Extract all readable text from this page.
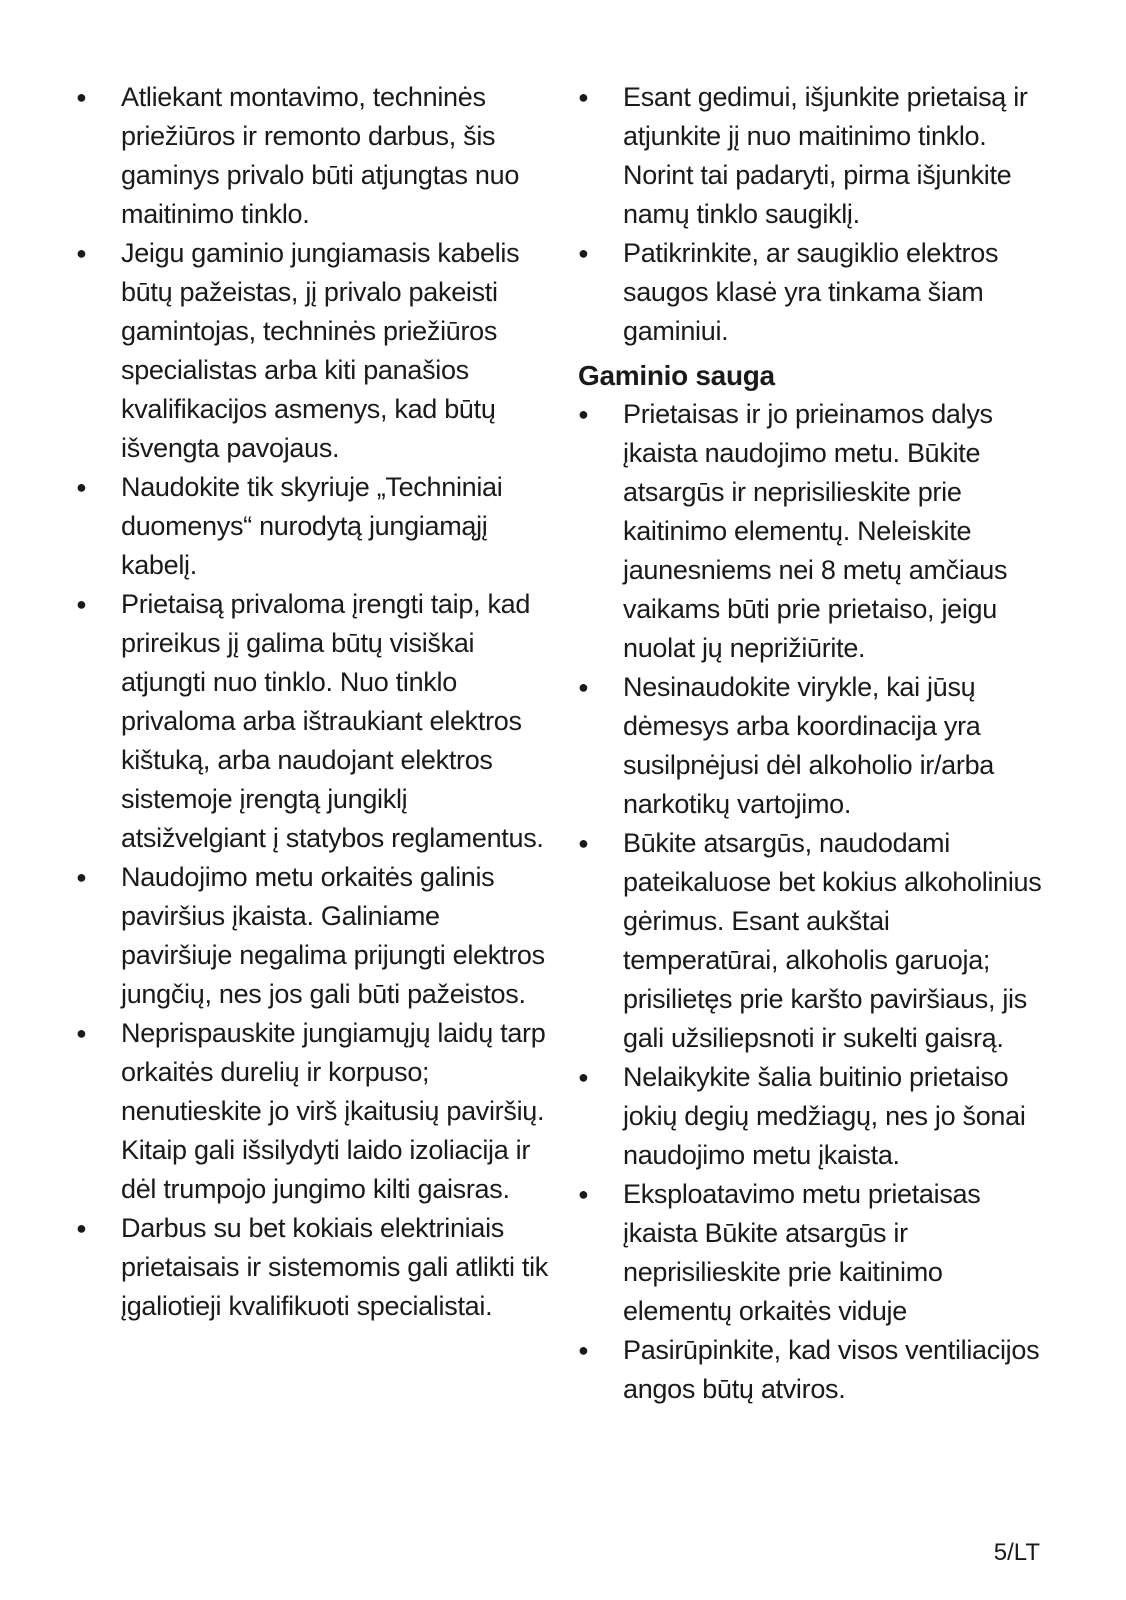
● Atliekant montavimo, techninės priežiūros ir remonto darbus, šis gaminys privalo būti atjungtas nuo maitinimo tinklo.
● Jeigu gaminio jungiamasis kabelis būtų pažeistas, jį privalo pakeisti gamintojas, techninės priežiūros specialistas arba kiti panašios kvalifikacijos asmenys, kad būtų išvengta pavojaus.
● Naudokite tik skyriuje „Techniniai duomenys“ nurodytą jungiamąjį kabelį.
● Prietaisą privaloma įrengti taip, kad prireikus jį galima būtų visiškai atjungti nuo tinklo. Nuo tinklo privaloma arba ištraukiant elektros kištuką, arba naudojant elektros sistemoje įrengtą jungiklį atsižvelgiant į statybos reglamentus.
● Naudojimo metu orkaitės galinis paviršius įkaista. Galiniame paviršiuje negalima prijungti elektros jungčių, nes jos gali būti pažeistos.
● Neprispauskite jungiamųjų laidų tarp orkaitės durelių ir korpuso; nenutieskite jo virš įkaitusių paviršių. Kitaip gali išsilydyti laido izoliacija ir dėl trumpojo jungimo kilti gaisras.
● Darbus su bet kokiais elektriniais prietaisais ir sistemomis gali atlikti tik įgaliotieji kvalifikuoti specialistai.
● Esant gedimui, išjunkite prietaisą ir atjunkite jį nuo maitinimo tinklo. Norint tai padaryti, pirma išjunkite namų tinklo saugiklį.
● Patikrinkite, ar saugiklio elektros saugos klasė yra tinkama šiam gaminiui.
Gaminio sauga
● Prietaisas ir jo prieinamos dalys įkaista naudojimo metu. Būkite atsargūs ir neprisilieskite prie kaitinimo elementų. Neleiskite jaunesniems nei 8 metų amčiaus vaikams būti prie prietaiso, jeigu nuolat jų neprižiūrite.
● Nesinaudokite virykle, kai jūsų dėmesys arba koordinacija yra susilpnėjusi dėl alkoholio ir/arba narkotikų vartojimo.
● Būkite atsargūs, naudodami pateikaluose bet kokius alkoholinius gėrimus. Esant aukštai temperatūrai, alkoholis garuoja; prisilietęs prie karšto paviršiaus, jis gali užsiliepsnoti ir sukelti gaisrą.
● Nelaikykite šalia buitinio prietaiso jokių degių medžiagų, nes jo šonai naudojimo metu įkaista.
● Eksploatavimo metu prietaisas įkaista Būkite atsargūs ir neprisilieskite prie kaitinimo elementų orkaitės viduje
● Pasirūpinkite, kad visos ventiliacijos angos būtų atviros.
5/LT
